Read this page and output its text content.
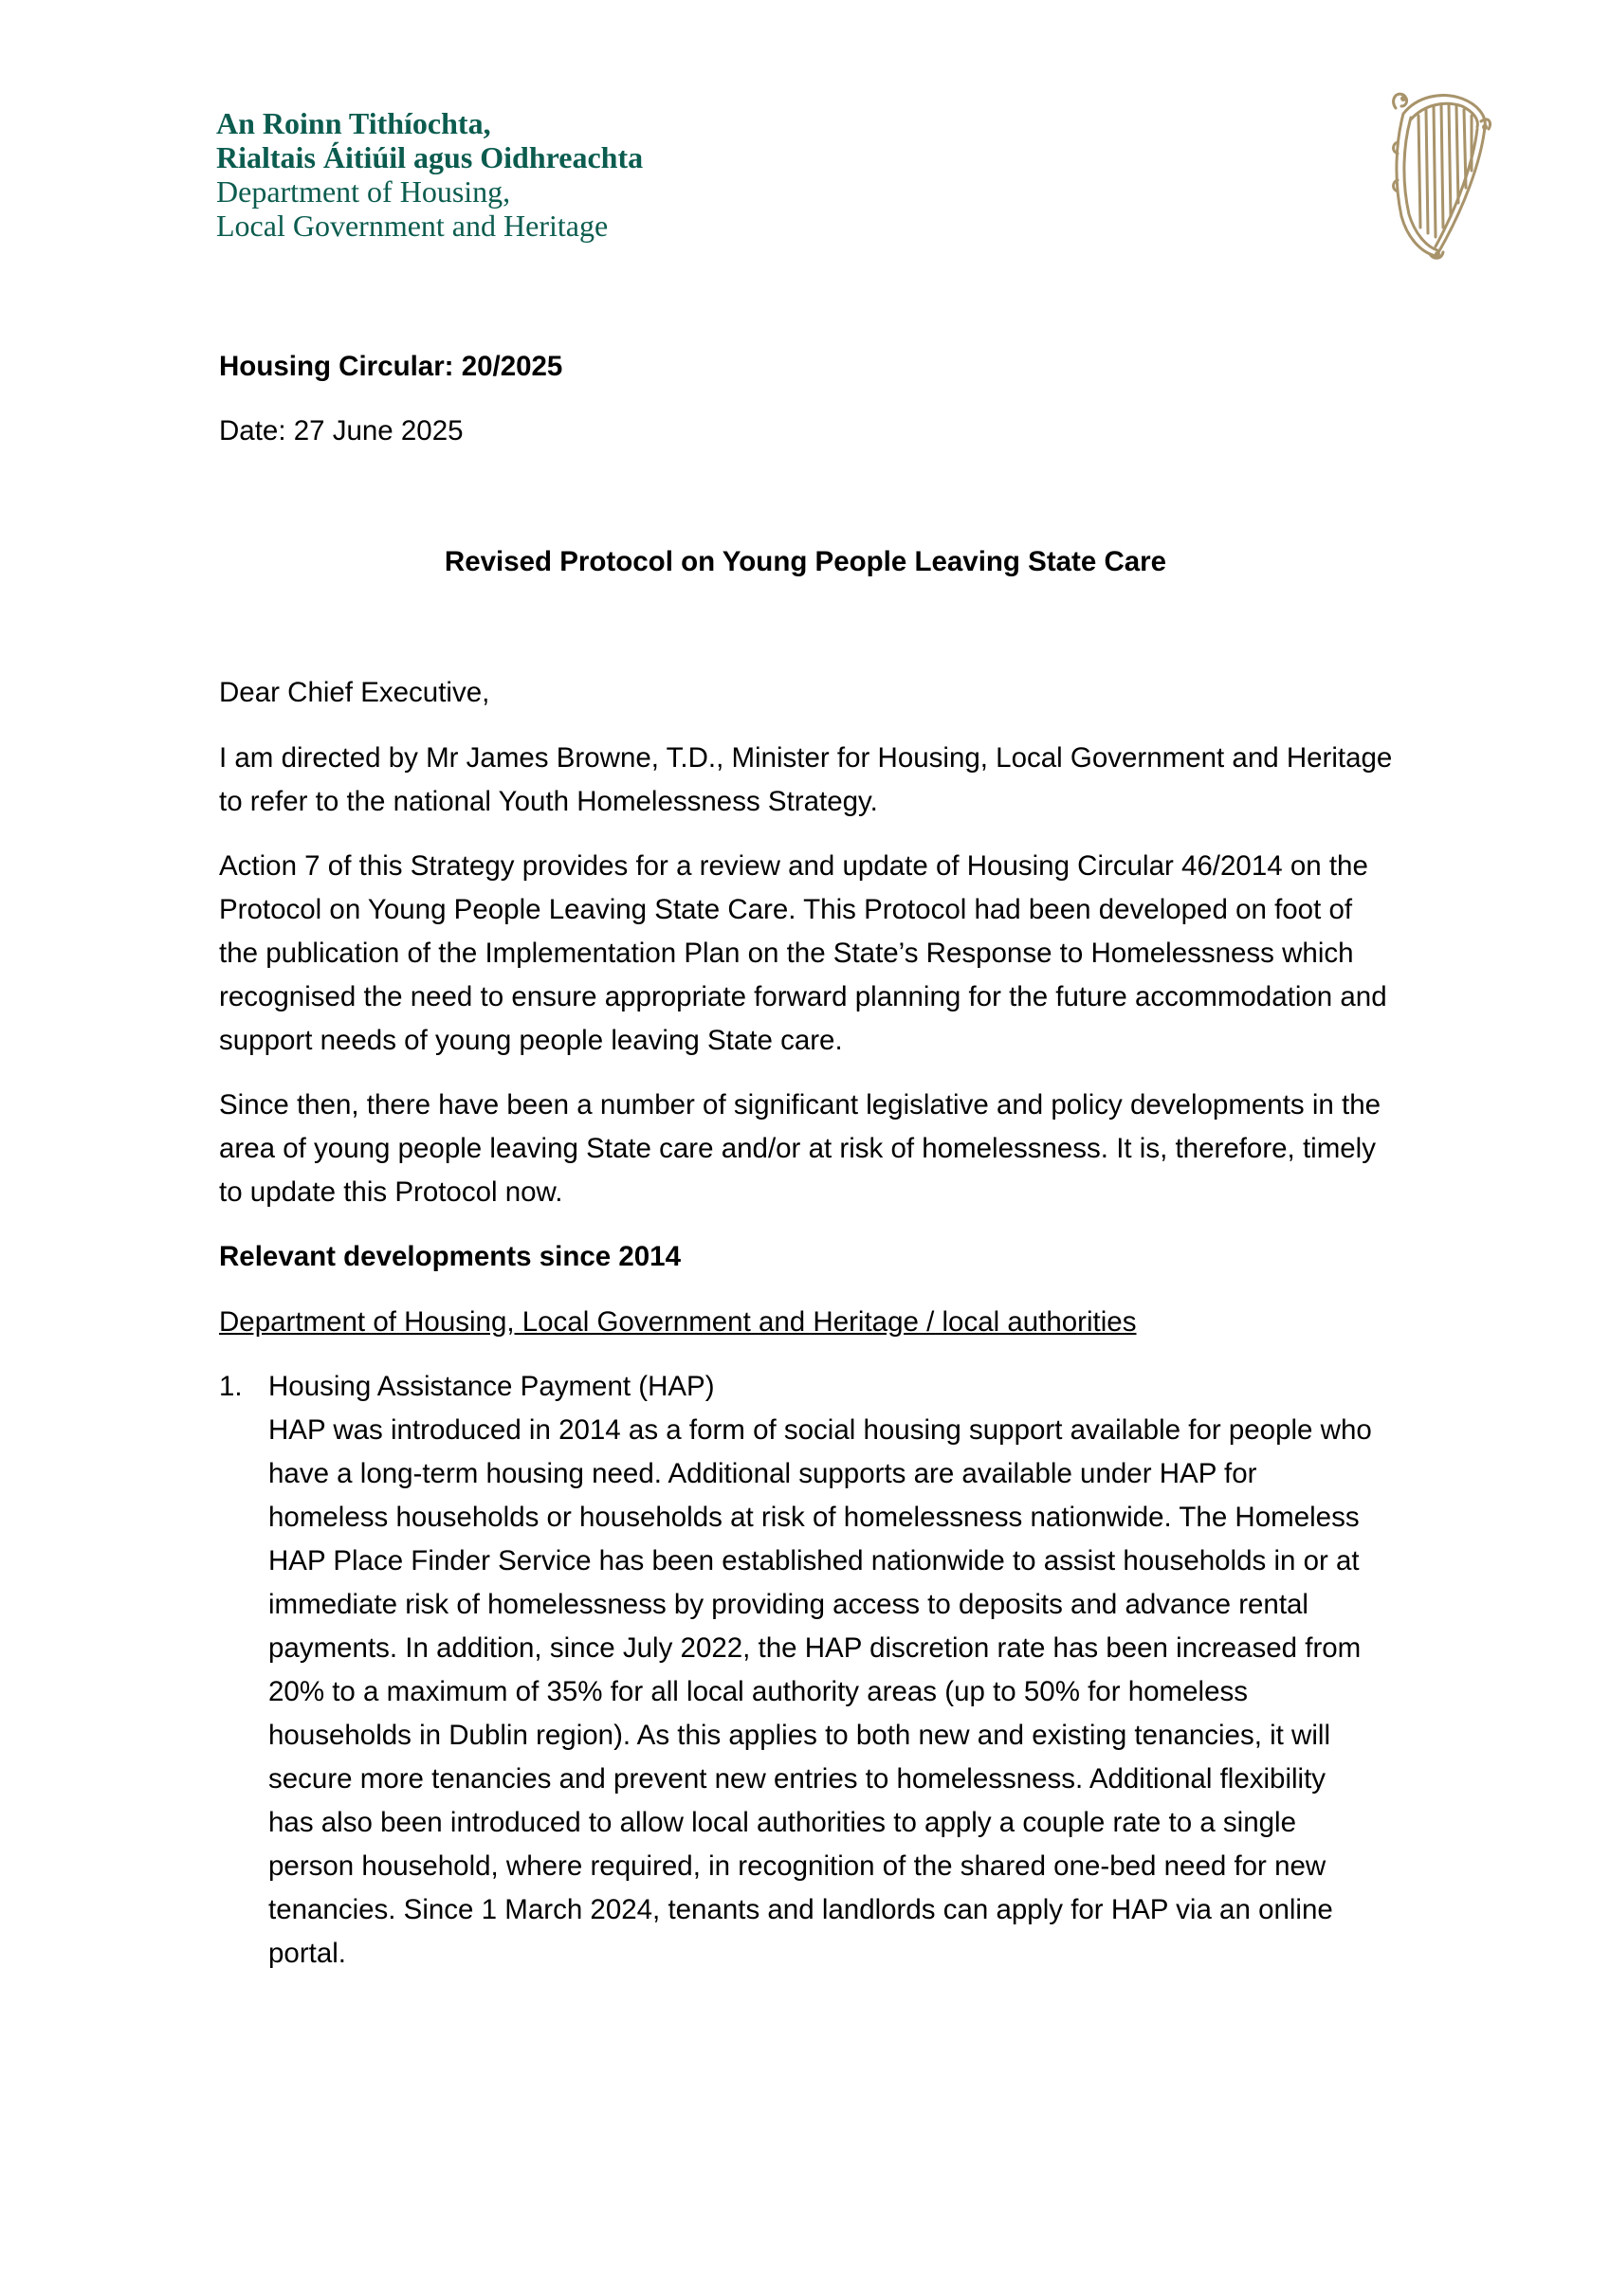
An Roinn Tithíochta,
Rialtais Áitiúil agus Oidhreachta
Department of Housing,
Local Government and Heritage

Housing Circular: 20/2025

Date: 27 June 2025

Revised Protocol on Young People Leaving State Care

Dear Chief Executive,

I am directed by Mr James Browne, T.D., Minister for Housing, Local Government and Heritage to refer to the national Youth Homelessness Strategy.

Action 7 of this Strategy provides for a review and update of Housing Circular 46/2014 on the Protocol on Young People Leaving State Care. This Protocol had been developed on foot of the publication of the Implementation Plan on the State’s Response to Homelessness which recognised the need to ensure appropriate forward planning for the future accommodation and support needs of young people leaving State care.

Since then, there have been a number of significant legislative and policy developments in the area of young people leaving State care and/or at risk of homelessness. It is, therefore, timely to update this Protocol now.

Relevant developments since 2014

Department of Housing, Local Government and Heritage / local authorities

1. Housing Assistance Payment (HAP)
HAP was introduced in 2014 as a form of social housing support available for people who have a long-term housing need. Additional supports are available under HAP for homeless households or households at risk of homelessness nationwide. The Homeless HAP Place Finder Service has been established nationwide to assist households in or at immediate risk of homelessness by providing access to deposits and advance rental payments. In addition, since July 2022, the HAP discretion rate has been increased from 20% to a maximum of 35% for all local authority areas (up to 50% for homeless households in Dublin region). As this applies to both new and existing tenancies, it will secure more tenancies and prevent new entries to homelessness. Additional flexibility has also been introduced to allow local authorities to apply a couple rate to a single person household, where required, in recognition of the shared one-bed need for new tenancies. Since 1 March 2024, tenants and landlords can apply for HAP via an online portal.
